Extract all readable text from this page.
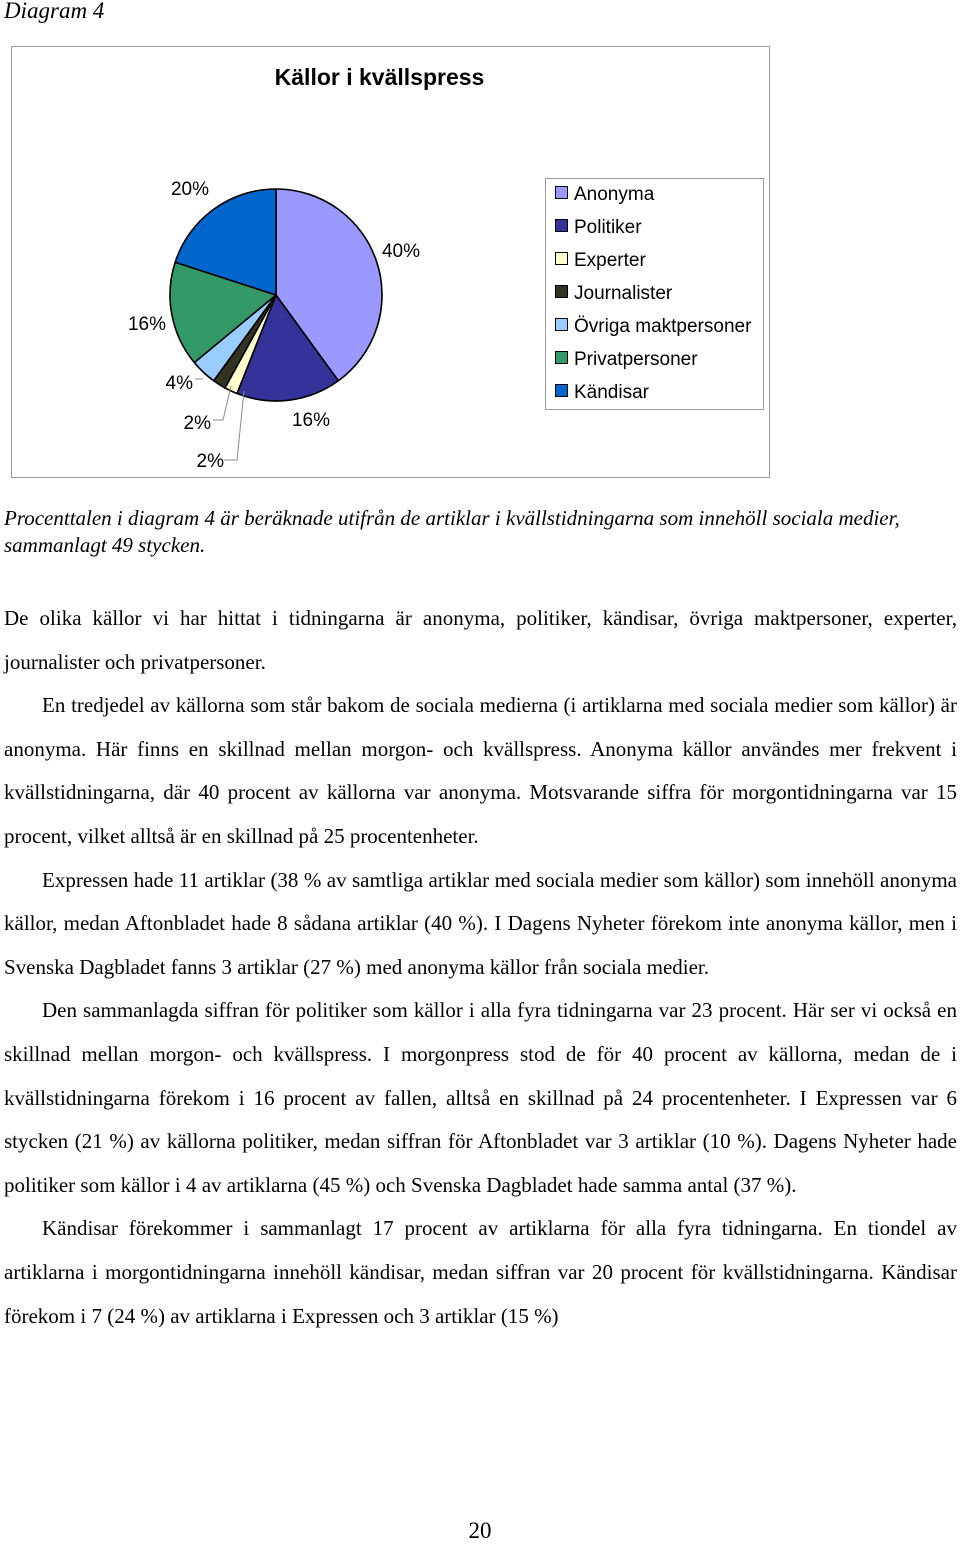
Diagram 4
Källor i kvällspress
40%
16%
2%
2%
4%
16%
20%	Anonyma
Politiker
Experter
Journalister
Övriga maktpersoner
Privatpersoner
Kändisar
Procenttalen i diagram 4 är beräknade utifrån de artiklar i kvällstidningarna som innehöll sociala medier, sammanlagt 49 stycken.

De olika källor vi har hittat i tidningarna är anonyma, politiker, kändisar, övriga maktpersoner, experter, journalister och privatpersoner.

En tredjedel av källorna som står bakom de sociala medierna (i artiklarna med sociala medier som källor) är anonyma. Här finns en skillnad mellan morgon- och kvällspress. Anonyma källor användes mer frekvent i kvällstidningarna, där 40 procent av källorna var anonyma. Motsvarande siffra för morgontidningarna var 15 procent, vilket alltså är en skillnad på 25 procentenheter.

Expressen hade 11 artiklar (38 % av samtliga artiklar med sociala medier som källor) som innehöll anonyma källor, medan Aftonbladet hade 8 sådana artiklar (40 %). I Dagens Nyheter förekom inte anonyma källor, men i Svenska Dagbladet fanns 3 artiklar (27 %) med anonyma källor från sociala medier.

Den sammanlagda siffran för politiker som källor i alla fyra tidningarna var 23 procent. Här ser vi också en skillnad mellan morgon- och kvällspress. I morgonpress stod de för 40 procent av källorna, medan de i kvällstidningarna förekom i 16 procent av fallen, alltså en skillnad på 24 procentenheter. I Expressen var 6 stycken (21 %) av källorna politiker, medan siffran för Aftonbladet var 3 artiklar (10 %). Dagens Nyheter hade politiker som källor i 4 av artiklarna (45 %) och Svenska Dagbladet hade samma antal (37 %).

Kändisar förekommer i sammanlagt 17 procent av artiklarna för alla fyra tidningarna. En tiondel av artiklarna i morgontidningarna innehöll kändisar, medan siffran var 20 procent för kvällstidningarna. Kändisar förekom i 7 (24 %) av artiklarna i Expressen och 3 artiklar (15 %)

20
